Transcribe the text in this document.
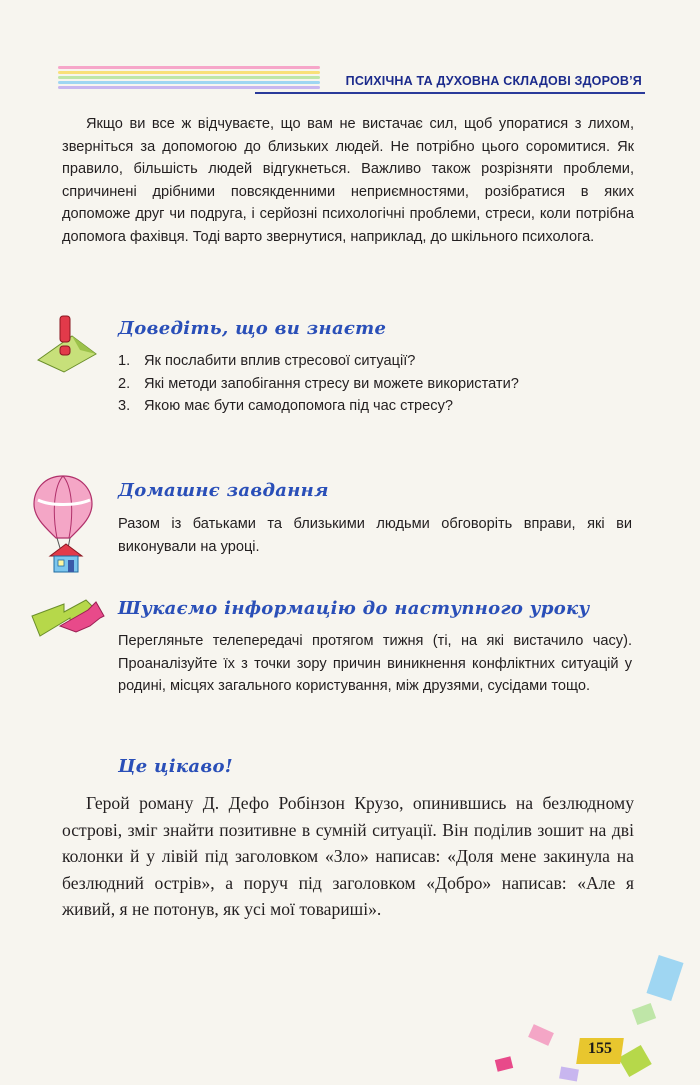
ПСИХІЧНА ТА ДУХОВНА СКЛАДОВІ ЗДОРОВ’Я

Якщо ви все ж відчуваєте, що вам не вистачає сил, щоб упоратися з лихом, зверніться за допомогою до близьких людей. Не потрібно цього соромитися. Як правило, більшість людей відгукнеться. Важливо також розрізняти проблеми, спричинені дрібними повсякденними неприємностями, розібратися в яких допоможе друг чи подруга, і серйозні психологічні проблеми, стреси, коли потрібна допомога фахівця. Тоді варто звернутися, наприклад, до шкільного психолога.

Доведіть, що ви знаєте
1. Як послабити вплив стресової ситуації?
2. Які методи запобігання стресу ви можете використати?
3. Якою має бути самодопомога під час стресу?
Домашнє завдання

Разом із батьками та близькими людьми обговоріть вправи, які ви виконували на уроці.

Шукаємо інформацію до наступного уроку

Перегляньте телепередачі протягом тижня (ті, на які вистачило часу). Проаналізуйте їх з точки зору причин виникнення конфліктних ситуацій у родині, місцях загального користування, між друзями, сусідами тощо.

Це цікаво!

Герой роману Д. Дефо Робінзон Крузо, опинившись на безлюдному острові, зміг знайти позитивне в сумній ситуації. Він поділив зошит на дві колонки й у лівій під заголовком «Зло» написав: «Доля мене закинула на безлюдний острів», а поруч під заголовком «Добро» написав: «Але я живий, я не потонув, як усі мої товариші».

155
